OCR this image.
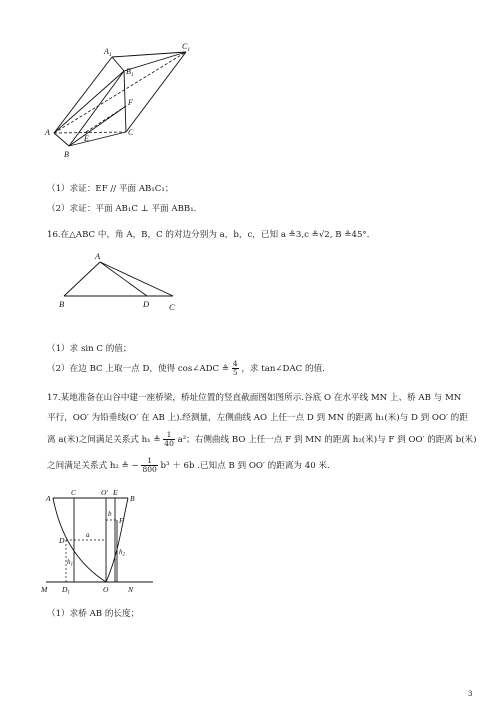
$A_1$
$C_1$
$B_1$
F
A
E
C
B
（1）求证：EF // 平面 AB₁C₁；
（2）求证：平面 AB₁C ⊥ 平面 ABB₁.
16.在△ABC 中，角 A，B，C 的对边分别为 a，b，c，已知 a ≗3,c ≗√2, B ≗45°．
A
B	D C
（1）求 sin C 的值；
（2）在边 BC 上取一点 D，使得 cos∠ADC ≗ $\frac{4}{5}$ ，求 tan∠DAC 的值．
17.某地准备在山谷中建一座桥梁，桥址位置的竖直截面图如图所示.谷底 O 在水平线 MN 上、桥 AB 与 MN
平行，OO′ 为铅垂线(O′ 在 AB 上).经测量，左侧曲线 AO 上任一点 D 到 MN 的距离 h₁(米)与 D 到 OO′ 的距
离 a(米)之间满足关系式 h₁ ≗ $\frac{1}{40} a^2$；右侧曲线 BO 上任一点 F 到 MN 的距离 h₂(米)与 F 到 OO′ 的距离 b(米)
之间满足关系式 h₂ ≗ − $\frac{1}{800} b^3 + 6b$ .已知点 B 到 OO′ 的距离为 40 米.
A
C	O′ E
B
b
F
D
a
$h_2$
$h_1$
M $D_1$	O	N
（1）求桥 AB 的长度；
3
